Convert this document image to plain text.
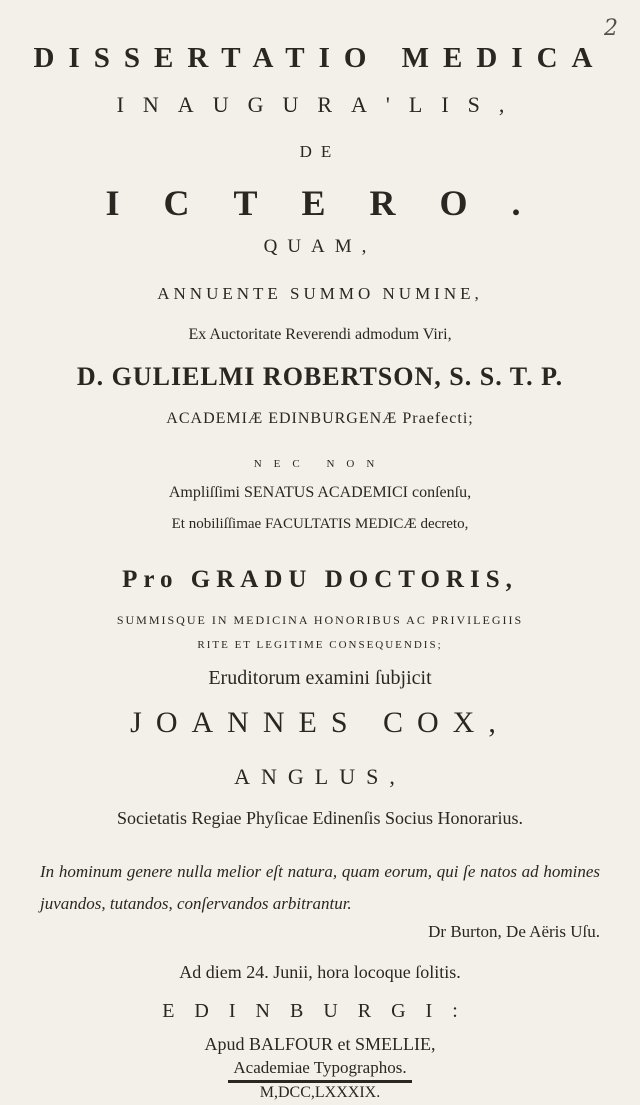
2
DISSERTATIO MEDICA
INAUGURA'LIS,
DE
ICTERO.
QUAM,
ANNUENTE SUMMO NUMINE,
Ex Auctoritate Reverendi admodum Viri,
D. GULIELMI ROBERTSON, S. S. T. P.
ACADEMIÆ EDINBURGENÆ Praefecti;
NEC NON
Ampliſſimi SENATUS ACADEMICI conſenſu,
Et nobiliſſimae FACULTATIS MEDICÆ decreto,
Pro GRADU DOCTORIS,
SUMMISQUE IN MEDICINA HONORIBUS AC PRIVILEGIIS
RITE ET LEGITIME CONSEQUENDIS;
Eruditorum examini ſubjicit
JOANNES COX,
ANGLUS,
Societatis Regiae Phyſicae Edinenſis Socius Honorarius.
In hominum genere nulla melior eſt natura, quam eorum, qui ſe natos ad homines juvandos, tutandos, conſervandos arbitrantur.
Dr Burton, De Aëris Uſu.
Ad diem 24. Junii, hora locoque ſolitis.
EDINBURGI:
Apud BALFOUR et SMELLIE,
Academiae Typographos.
M,DCC,LXXXIX.
